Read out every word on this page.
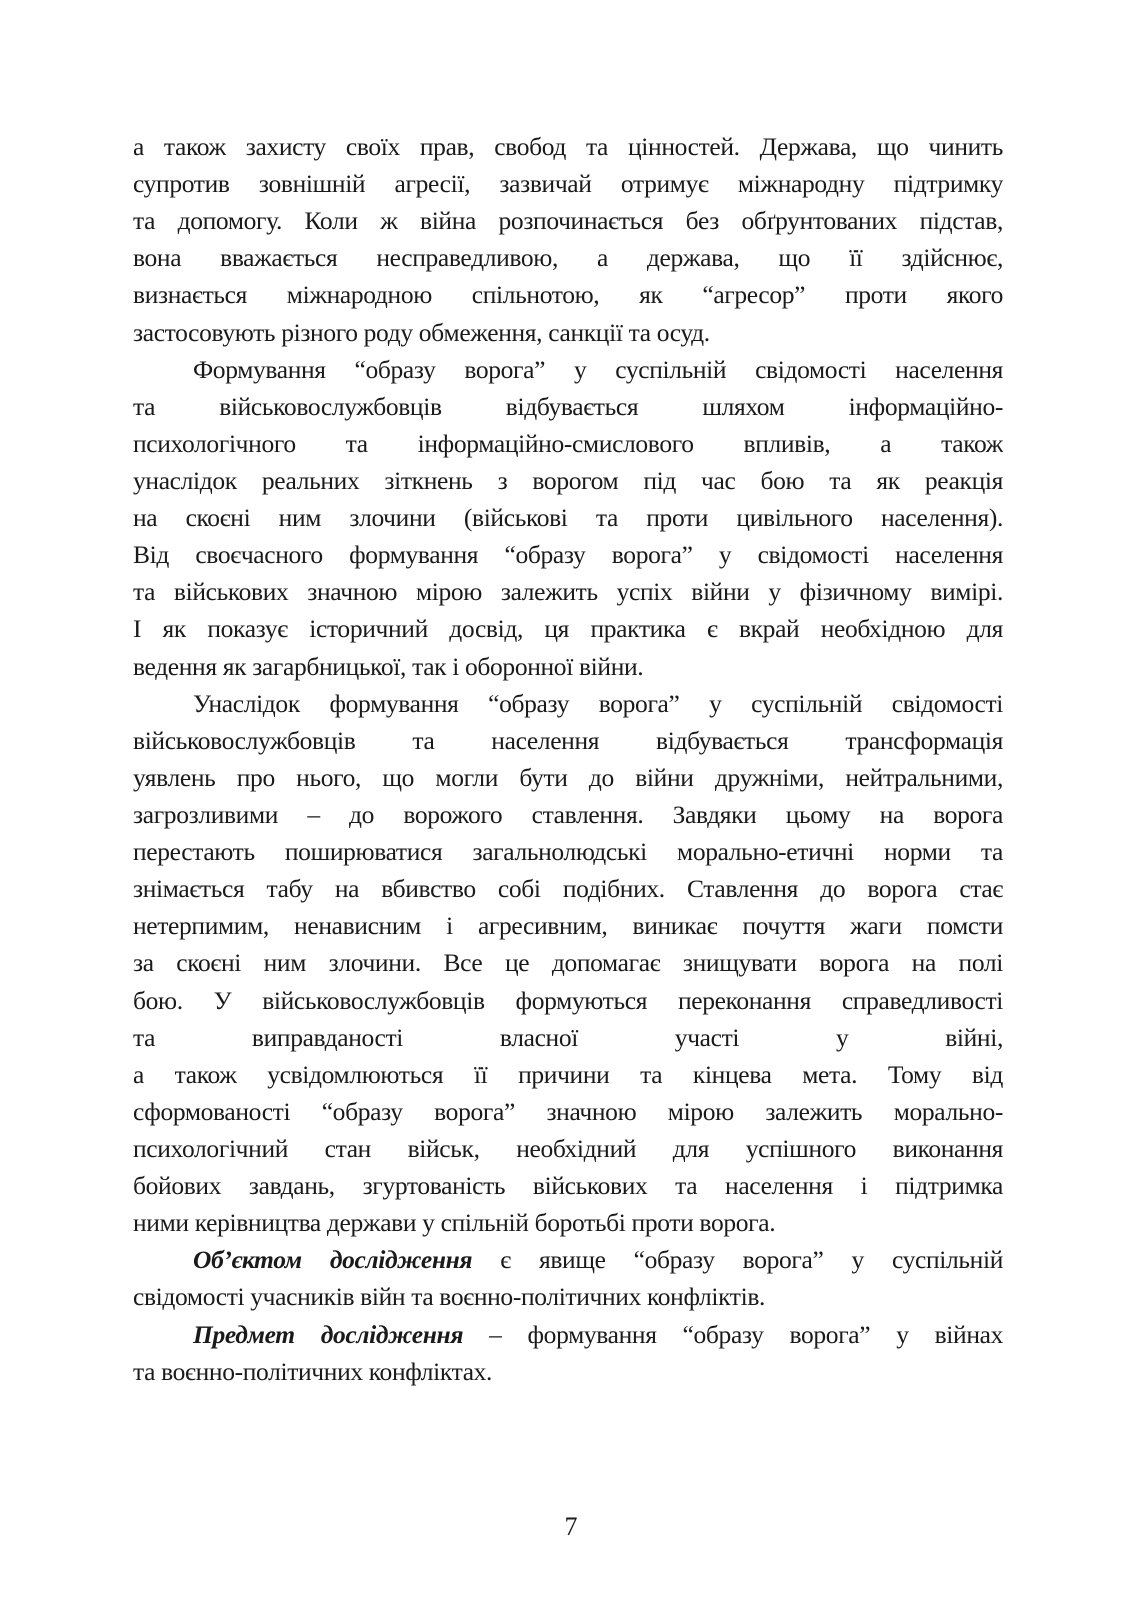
а також захисту своїх прав, свобод та цінностей. Держава, що чинить
супротив зовнішній агресії, зазвичай отримує міжнародну підтримку
та допомогу. Коли ж війна розпочинається без обґрунтованих підстав,
вона вважається несправедливою, а держава, що її здійснює,
визнається міжнародною спільнотою, як “агресор” проти якого
застосовують різного роду обмеження, санкції та осуд.
Формування “образу ворога” у суспільній свідомості населення
та військовослужбовців відбувається шляхом інформаційно-
психологічного та інформаційно-смислового впливів, а також
унаслідок реальних зіткнень з ворогом під час бою та як реакція
на скоєні ним злочини (військові та проти цивільного населення).
Від своєчасного формування “образу ворога” у свідомості населення
та військових значною мірою залежить успіх війни у фізичному вимірі.
І як показує історичний досвід, ця практика є вкрай необхідною для
ведення як загарбницької, так і оборонної війни.
Унаслідок формування “образу ворога” у суспільній свідомості
військовослужбовців та населення відбувається трансформація
уявлень про нього, що могли бути до війни дружніми, нейтральними,
загрозливими – до ворожого ставлення. Завдяки цьому на ворога
перестають поширюватися загальнолюдські морально-етичні норми та
знімається табу на вбивство собі подібних. Ставлення до ворога стає
нетерпимим, ненависним і агресивним, виникає почуття жаги помсти
за скоєні ним злочини. Все це допомагає знищувати ворога на полі
бою. У військовослужбовців формуються переконання справедливості
та виправданості власної участі у війні,
а також усвідомлюються її причини та кінцева мета. Тому від
сформованості “образу ворога” значною мірою залежить морально-
психологічний стан військ, необхідний для успішного виконання
бойових завдань, згуртованість військових та населення і підтримка
ними керівництва держави у спільній боротьбі проти ворога.
Об’єктом дослідження є явище “образу ворога” у суспільній
свідомості учасників війн та воєнно-політичних конфліктів.
Предмет дослідження – формування “образу ворога” у війнах
та воєнно-політичних конфліктах.
7
